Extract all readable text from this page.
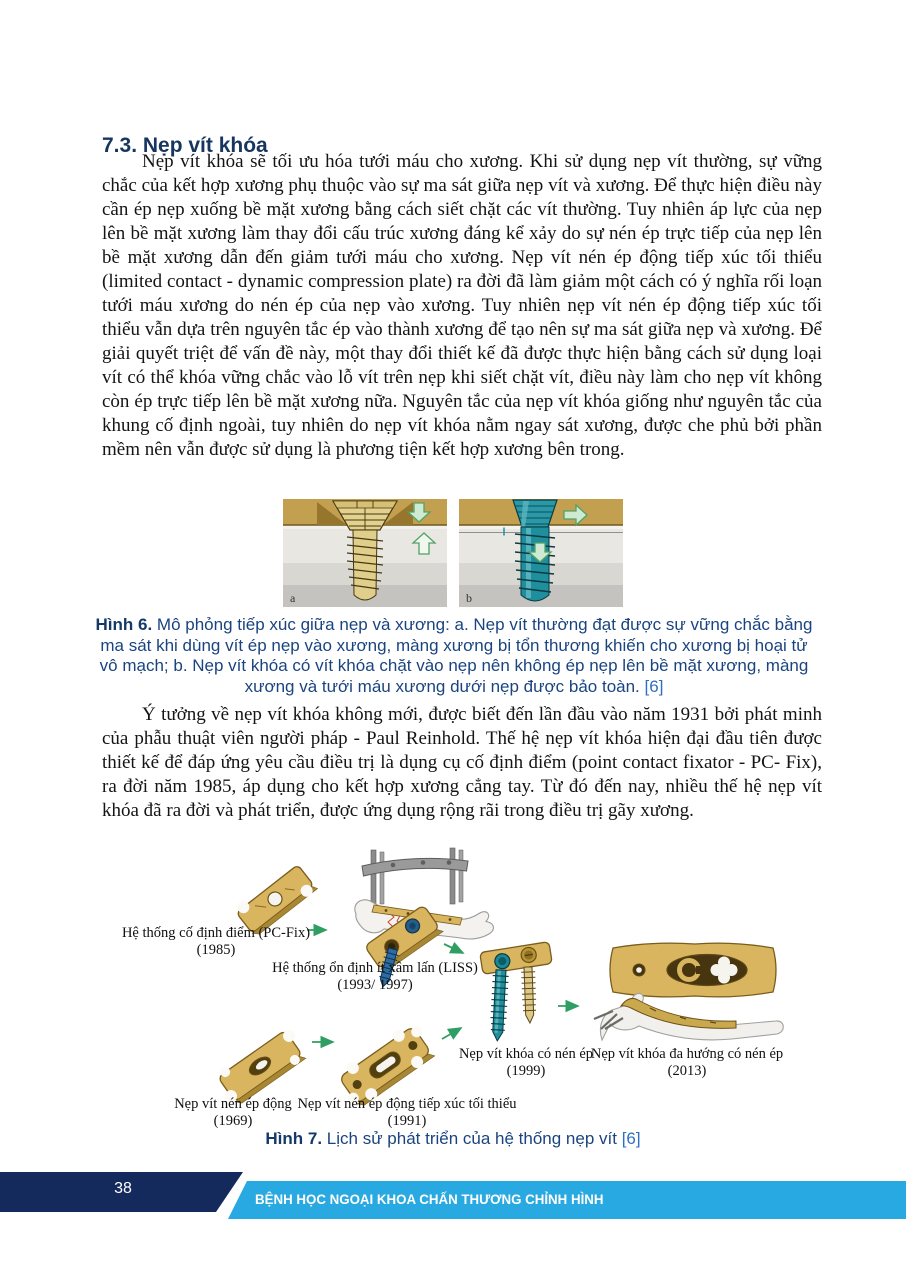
7.3. Nẹp vít khóa
Nẹp vít khóa sẽ tối ưu hóa tưới máu cho xương. Khi sử dụng nẹp vít thường, sự vững chắc của kết hợp xương phụ thuộc vào sự ma sát giữa nẹp vít và xương. Để thực hiện điều này cần ép nẹp xuống bề mặt xương bằng cách siết chặt các vít thường. Tuy nhiên áp lực của nẹp lên bề mặt xương làm thay đổi cấu trúc xương đáng kể xảy do sự nén ép trực tiếp của nẹp lên bề mặt xương dẫn đến giảm tưới máu cho xương. Nẹp vít nén ép động tiếp xúc tối thiểu (limited contact - dynamic compression plate) ra đời đã làm giảm một cách có ý nghĩa rối loạn tưới máu xương do nén ép của nẹp vào xương. Tuy nhiên nẹp vít nén ép động tiếp xúc tối thiểu vẫn dựa trên nguyên tắc ép vào thành xương để tạo nên sự ma sát giữa nẹp và xương. Để giải quyết triệt để vấn đề này, một thay đổi thiết kế đã được thực hiện bằng cách sử dụng loại vít có thể khóa vững chắc vào lỗ vít trên nẹp khi siết chặt vít, điều này làm cho nẹp vít không còn ép trực tiếp lên bề mặt xương nữa. Nguyên tắc của nẹp vít khóa giống như nguyên tắc của khung cố định ngoài, tuy nhiên do nẹp vít khóa nằm ngay sát xương, được che phủ bởi phần mềm nên vẫn được sử dụng là phương tiện kết hợp xương bên trong.
a	b
Hình 6. Mô phỏng tiếp xúc giữa nẹp và xương: a. Nẹp vít thường đạt được sự vững chắc bằng ma sát khi dùng vít ép nẹp vào xương, màng xương bị tổn thương khiến cho xương bị hoại tử vô mạch; b. Nẹp vít khóa có vít khóa chặt vào nẹp nên không ép nẹp lên bề mặt xương, màng xương và tưới máu xương dưới nẹp được bảo toàn. [6]
Ý tưởng về nẹp vít khóa không mới, được biết đến lần đầu vào năm 1931 bởi phát minh của phẫu thuật viên người pháp - Paul Reinhold. Thế hệ nẹp vít khóa hiện đại đầu tiên được thiết kế để đáp ứng yêu cầu điều trị là dụng cụ cố định điểm (point contact fixator - PC- Fix), ra đời năm 1985, áp dụng cho kết hợp xương cẳng tay. Từ đó đến nay, nhiều thế hệ nẹp vít khóa đã ra đời và phát triển, được ứng dụng rộng rãi trong điều trị gãy xương.
Hệ thống cố định điểm (PC-Fix)
(1985)
Hệ thống ổn định ít xâm lấn (LISS)
(1993/ 1997)
Nẹp vít nén ép động
(1969)
Nẹp vít nén ép động tiếp xúc tối thiểu
(1991)
Nẹp vít khóa có nén ép
(1999)
Nẹp vít khóa đa hướng có nén ép
(2013)
Hình 7. Lịch sử phát triển của hệ thống nẹp vít [6]
38
BỆNH HỌC NGOẠI KHOA CHẤN THƯƠNG CHỈNH HÌNH
